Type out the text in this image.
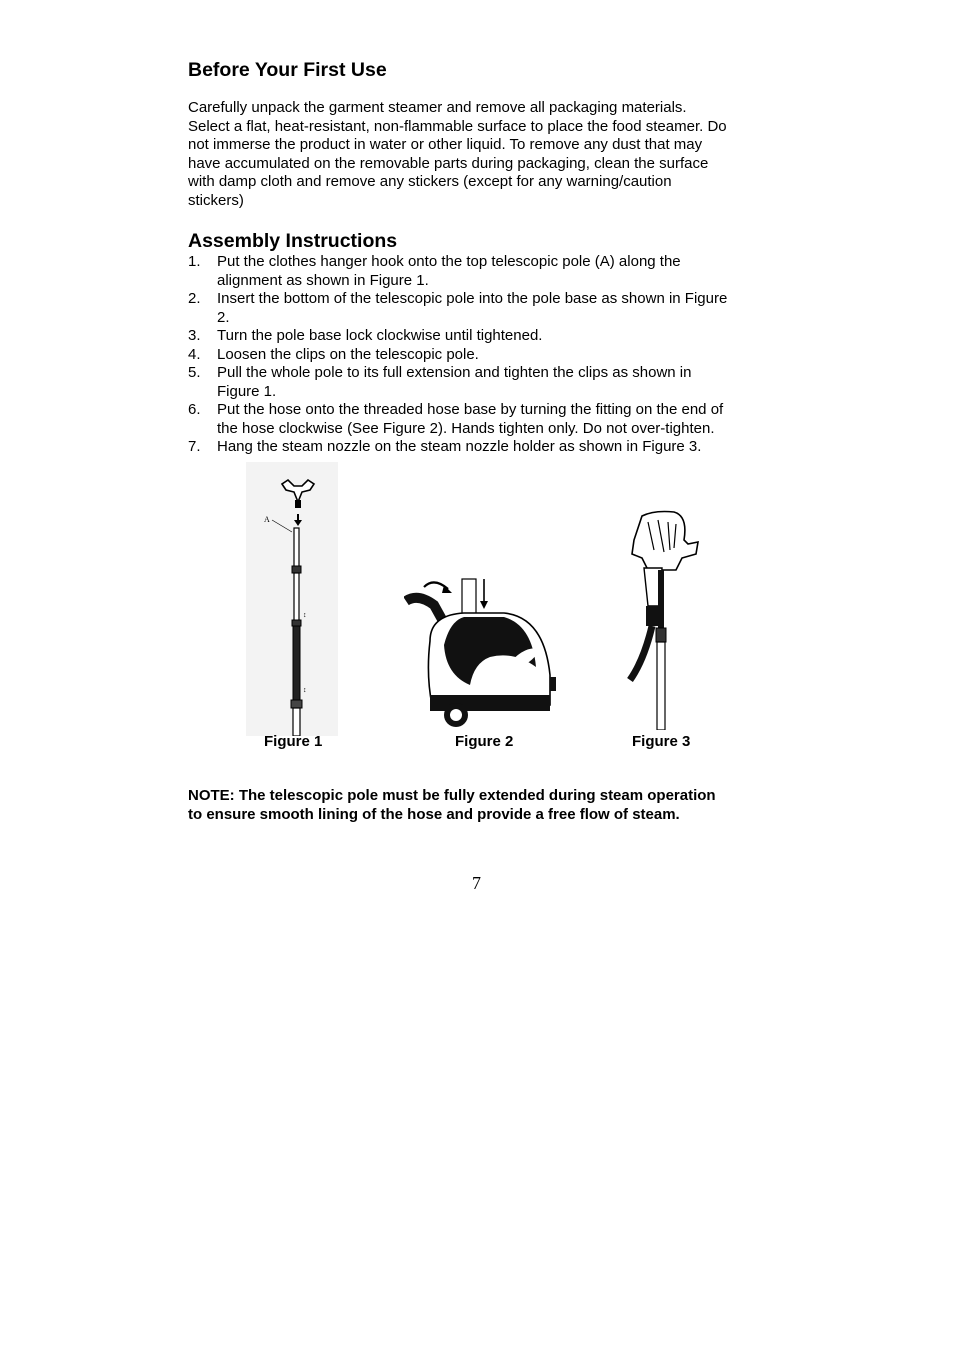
Before Your First Use
Carefully unpack the garment steamer and remove all packaging materials.
Select a flat, heat-resistant, non-flammable surface to place the food steamer. Do
not immerse the product in water or other liquid. To remove any dust that may
have accumulated on the removable parts during packaging, clean the surface
with damp cloth and remove any stickers (except for any warning/caution
stickers)
Assembly Instructions
1. Put the clothes hanger hook onto the top telescopic pole (A) along the
alignment as shown in Figure 1.
2. Insert the bottom of the telescopic pole into the pole base as shown in Figure
2.
3. Turn the pole base lock clockwise until tightened.
4. Loosen the clips on the telescopic pole.
5. Pull the whole pole to its full extension and tighten the clips as shown in
Figure 1.
6. Put the hose onto the threaded hose base by turning the fitting on the end of
the hose clockwise (See Figure 2). Hands tighten only. Do not over-tighten.
7. Hang the steam nozzle on the steam nozzle holder as shown in Figure 3.
A
↕
↕
Figure 1	Figure 2	Figure 3
NOTE: The telescopic pole must be fully extended during steam operation
to ensure smooth lining of the hose and provide a free flow of steam.
7
